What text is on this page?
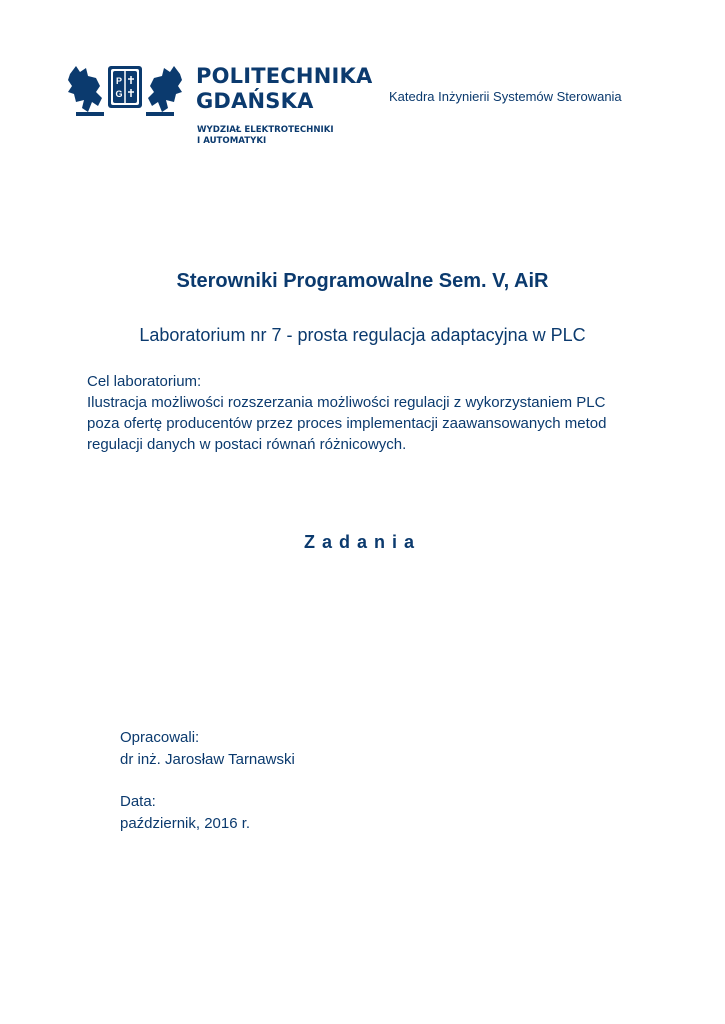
P
G
POLITECHNIKA
GDAŃSKA
WYDZIAŁ ELEKTROTECHNIKI
I AUTOMATYKI
Katedra Inżynierii Systemów Sterowania
Sterowniki Programowalne Sem. V, AiR
Laboratorium nr 7 - prosta regulacja adaptacyjna w PLC

Cel laboratorium:

Ilustracja możliwości rozszerzania możliwości regulacji z wykorzystaniem PLC

poza ofertę producentów przez proces implementacji zaawansowanych metod

regulacji danych w postaci równań różnicowych.

Zadania

Opracowali:

dr inż. Jarosław Tarnawski

Data:

październik, 2016 r.
